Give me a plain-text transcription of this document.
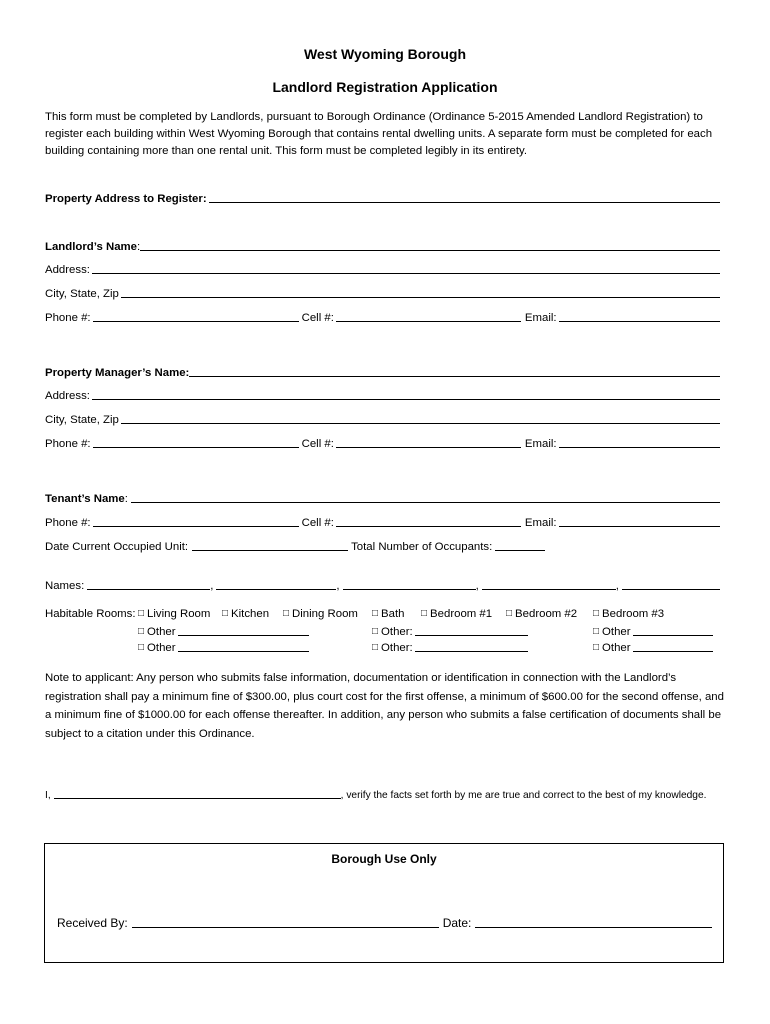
West Wyoming Borough
Landlord Registration Application
This form must be completed by Landlords, pursuant to Borough Ordinance (Ordinance 5-2015 Amended Landlord Registration) to register each building within West Wyoming Borough that contains rental dwelling units. A separate form must be completed for each building containing more than one rental unit. This form must be completed legibly in its entirety.
Property Address to Register:
Landlord’s Name:
Address:
City, State, Zip
Phone #:	Cell #:	Email:
Property Manager’s Name:
Address:
City, State, Zip
Phone #:	Cell #:	Email:
Tenant’s Name:
Phone #:	Cell #:	Email:
Date Current Occupied Unit:	Total Number of Occupants:
Names:	,	,	,	,
Habitable Rooms: □ Living Room □ Kitchen □ Dining Room □ Bath □ Bedroom #1 □ Bedroom #2 □ Bedroom #3
□ Other	□ Other:	□ Other
□ Other	□ Other:	□ Other
Note to applicant: Any person who submits false information, documentation or identification in connection with the Landlord’s registration shall pay a minimum fine of $300.00, plus court cost for the first offense, a minimum of $600.00 for the second offense, and a minimum fine of $1000.00 for each offense thereafter. In addition, any person who submits a false certification of documents shall be subject to a citation under this Ordinance.
I,	, verify the facts set forth by me are true and correct to the best of my knowledge.
Borough Use Only
Received By:	Date:
